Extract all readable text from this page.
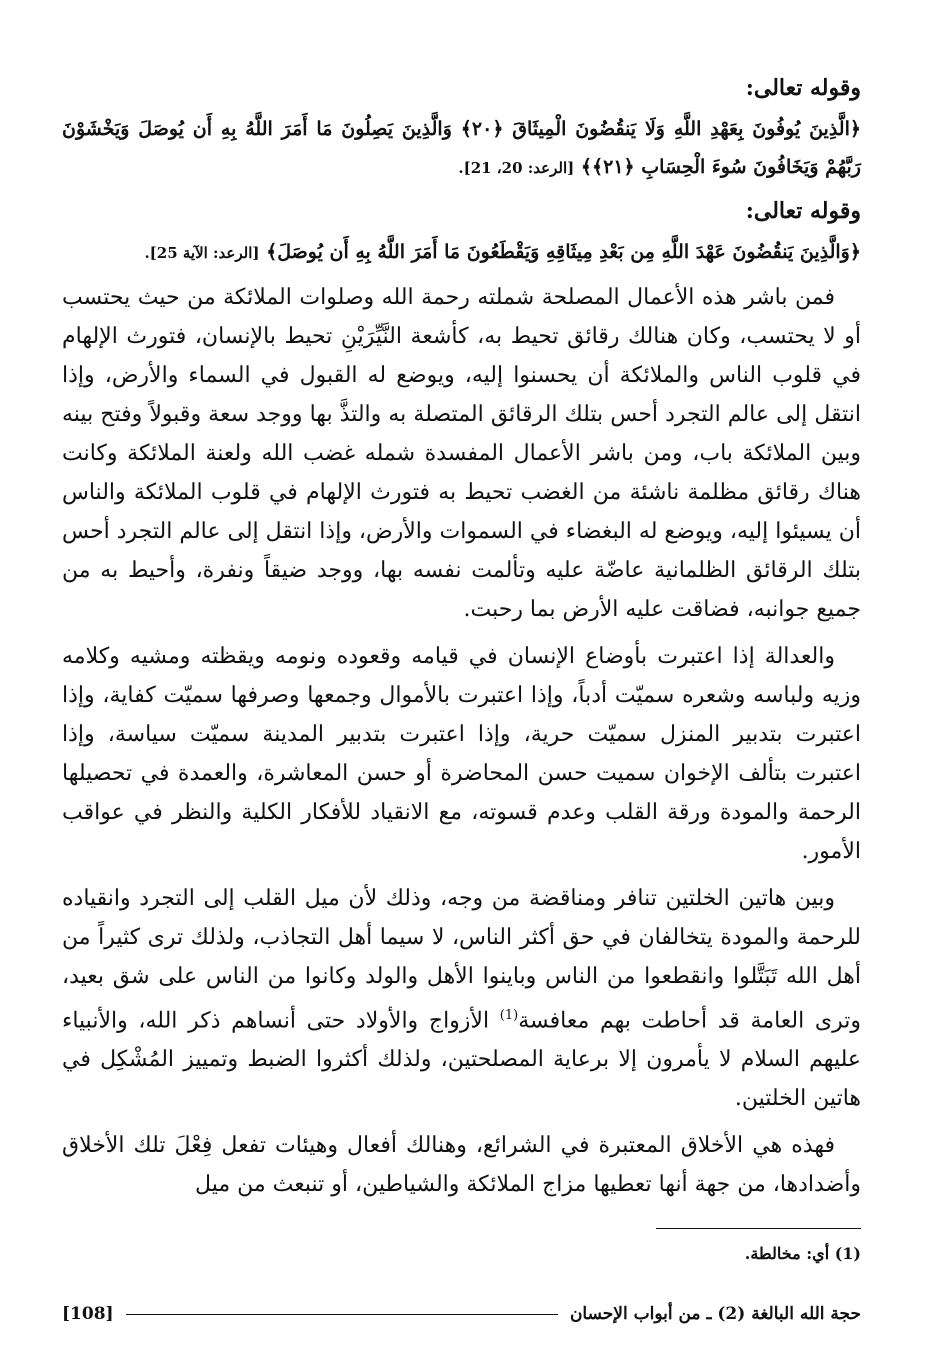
وقوله تعالى:

﴿الَّذِينَ يُوفُونَ بِعَهْدِ اللَّهِ وَلَا يَنقُضُونَ الْمِيثَاقَ ﴿٢٠﴾ وَالَّذِينَ يَصِلُونَ مَا أَمَرَ اللَّهُ بِهِ أَن يُوصَلَ وَيَخْشَوْنَ رَبَّهُمْ وَيَخَافُونَ سُوءَ الْحِسَابِ ﴿٢١﴾﴾ [الرعد: 20، 21].

وقوله تعالى:

﴿وَالَّذِينَ يَنقُضُونَ عَهْدَ اللَّهِ مِن بَعْدِ مِيثَاقِهِ وَيَقْطَعُونَ مَا أَمَرَ اللَّهُ بِهِ أَن يُوصَلَ﴾ [الرعد: الآية 25].

فمن باشر هذه الأعمال المصلحة شملته رحمة الله وصلوات الملائكة من حيث يحتسب أو لا يحتسب، وكان هنالك رقائق تحيط به، كأشعة النَّيِّرَيْنِ تحيط بالإنسان، فتورث الإلهام في قلوب الناس والملائكة أن يحسنوا إليه، ويوضع له القبول في السماء والأرض، وإذا انتقل إلى عالم التجرد أحس بتلك الرقائق المتصلة به والتذَّ بها ووجد سعة وقبولاً وفتح بينه وبين الملائكة باب، ومن باشر الأعمال المفسدة شمله غضب الله ولعنة الملائكة وكانت هناك رقائق مظلمة ناشئة من الغضب تحيط به فتورث الإلهام في قلوب الملائكة والناس أن يسيئوا إليه، ويوضع له البغضاء في السموات والأرض، وإذا انتقل إلى عالم التجرد أحس بتلك الرقائق الظلمانية عاضّة عليه وتألمت نفسه بها، ووجد ضيقاً ونفرة، وأحيط به من جميع جوانبه، فضاقت عليه الأرض بما رحبت.

والعدالة إذا اعتبرت بأوضاع الإنسان في قيامه وقعوده ونومه ويقظته ومشيه وكلامه وزيه ولباسه وشعره سميّت أدباً، وإذا اعتبرت بالأموال وجمعها وصرفها سميّت كفاية، وإذا اعتبرت بتدبير المنزل سميّت حرية، وإذا اعتبرت بتدبير المدينة سميّت سياسة، وإذا اعتبرت بتألف الإخوان سميت حسن المحاضرة أو حسن المعاشرة، والعمدة في تحصيلها الرحمة والمودة ورقة القلب وعدم قسوته، مع الانقياد للأفكار الكلية والنظر في عواقب الأمور.

وبين هاتين الخلتين تنافر ومناقضة من وجه، وذلك لأن ميل القلب إلى التجرد وانقياده للرحمة والمودة يتخالفان في حق أكثر الناس، لا سيما أهل التجاذب، ولذلك ترى كثيراً من أهل الله تَبَتَّلوا وانقطعوا من الناس وباينوا الأهل والولد وكانوا من الناس على شق بعيد، وترى العامة قد أحاطت بهم معافسة$^{(1)}$ الأزواج والأولاد حتى أنساهم ذكر الله، والأنبياء عليهم السلام لا يأمرون إلا برعاية المصلحتين، ولذلك أكثروا الضبط وتمييز المُشْكِل في هاتين الخلتين.

فهذه هي الأخلاق المعتبرة في الشرائع، وهنالك أفعال وهيئات تفعل فِعْلَ تلك الأخلاق وأضدادها، من جهة أنها تعطيها مزاج الملائكة والشياطين، أو تنبعث من ميل

(1) أي: مخالطة.
حجة الله البالغة (2) ـ من أبواب الإحسان
[108]
